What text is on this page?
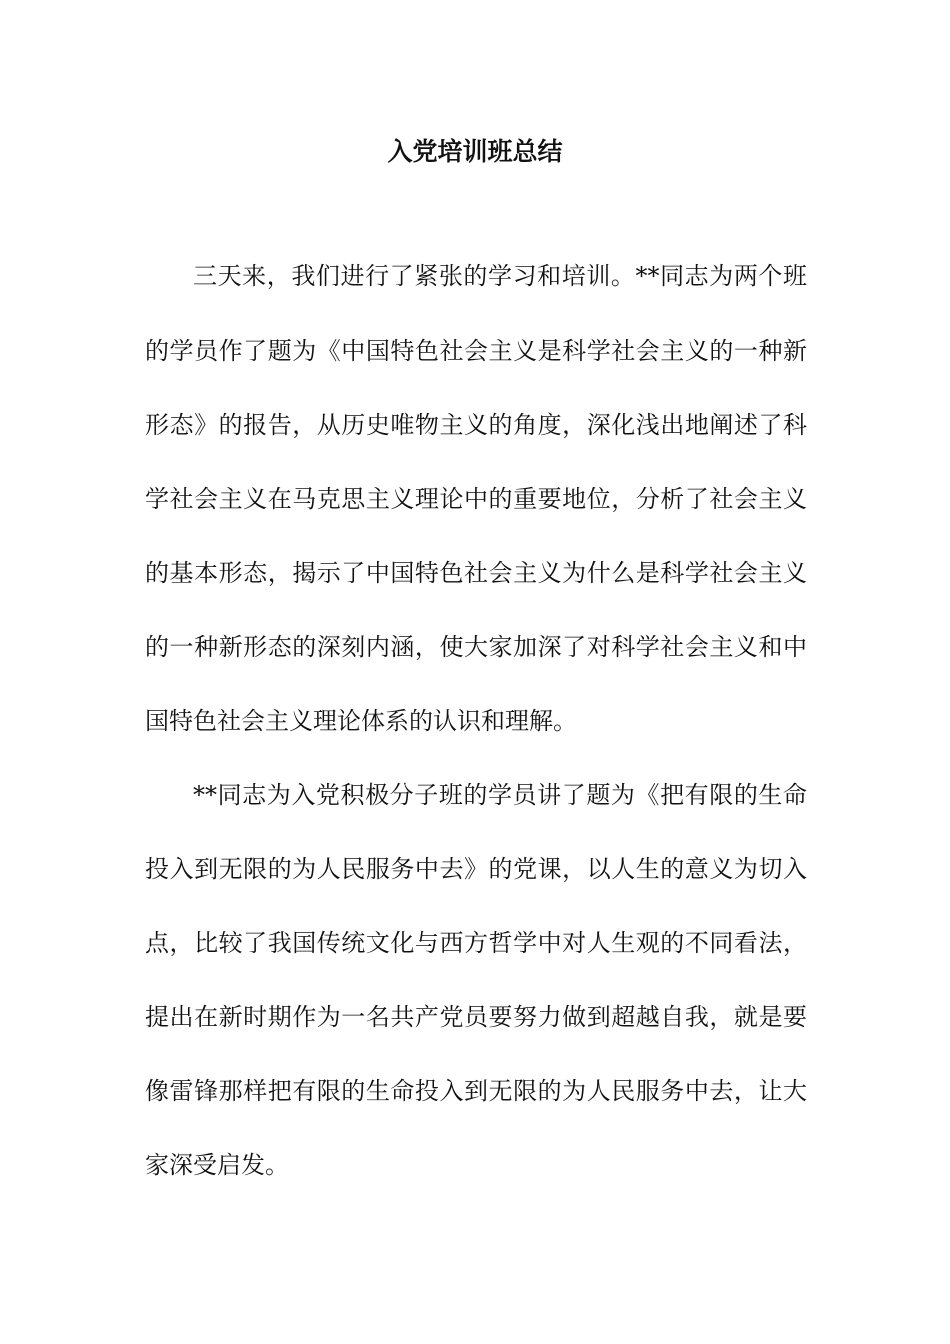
入党培训班总结
三天来，我们进行了紧张的学习和培训。**同志为两个班
的学员作了题为《中国特色社会主义是科学社会主义的一种新
形态》的报告，从历史唯物主义的角度，深化浅出地阐述了科
学社会主义在马克思主义理论中的重要地位，分析了社会主义
的基本形态，揭示了中国特色社会主义为什么是科学社会主义
的一种新形态的深刻内涵，使大家加深了对科学社会主义和中
国特色社会主义理论体系的认识和理解。
**同志为入党积极分子班的学员讲了题为《把有限的生命
投入到无限的为人民服务中去》的党课，以人生的意义为切入
点，比较了我国传统文化与西方哲学中对人生观的不同看法，
提出在新时期作为一名共产党员要努力做到超越自我，就是要
像雷锋那样把有限的生命投入到无限的为人民服务中去，让大
家深受启发。
